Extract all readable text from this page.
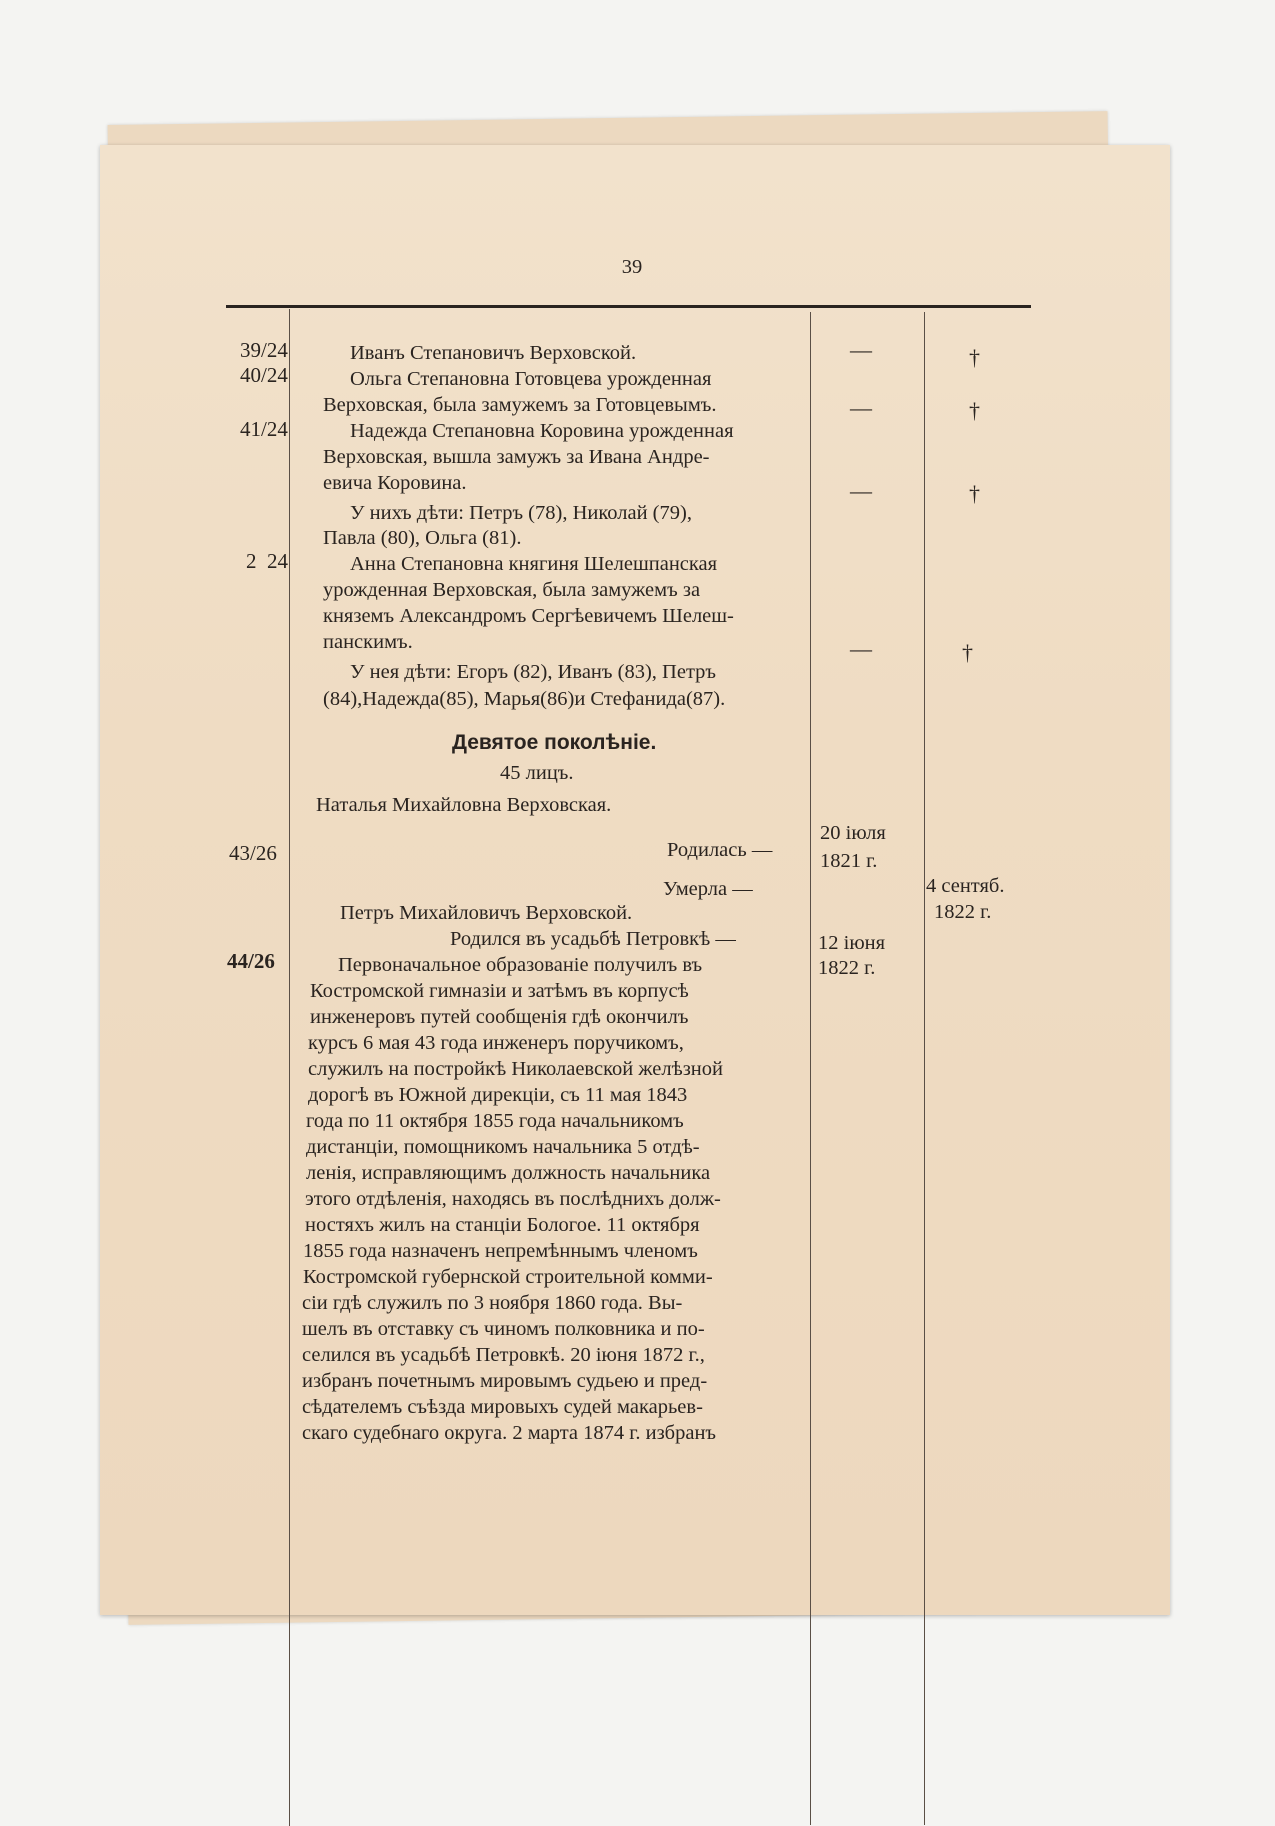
39
39/24
40/24
41/24
2  24
43/26
44/26
—
—
—
—
†
†
†
†
Иванъ Степановичъ Верховской.
Ольга Степановна Готовцева урожденная
Верховская, была замужемъ за Готовцевымъ.
Надежда Степановна Коровина урожденная
Верховская, вышла замужъ за Ивана Андре-
евича Коровина.
У нихъ дѣти: Петръ (78), Николай (79),
Павла (80), Ольга (81).
Анна Степановна княгиня Шелешпанская
урожденная Верховская, была замужемъ за
княземъ Александромъ Сергѣевичемъ Шелеш-
панскимъ.
У нея дѣти: Егоръ (82), Иванъ (83), Петръ
(84),Надежда(85), Марья(86)и Стефанида(87).
Девятое поколѣніе.
45 лицъ.
Наталья Михайловна Верховская.
Родилась —
Умерла —
Петръ Михайловичъ Верховской.
Родился въ усадьбѣ Петровкѣ —
Первоначальное образованіе получилъ въ
Костромской гимназіи и затѣмъ въ корпусѣ
инженеровъ путей сообщенія гдѣ окончилъ
курсъ 6 мая 43 года инженеръ поручикомъ,
служилъ на постройкѣ Николаевской желѣзной
дорогѣ въ Южной дирекціи, съ 11 мая 1843
года по 11 октября 1855 года начальникомъ
дистанціи, помощникомъ начальника 5 отдѣ-
ленія, исправляющимъ должность начальника
этого отдѣленія, находясь въ послѣднихъ долж-
ностяхъ жилъ на станціи Бологое. 11 октября
1855 года назначенъ непремѣннымъ членомъ
Костромской губернской строительной комми-
сіи гдѣ служилъ по 3 ноября 1860 года. Вы-
шелъ въ отставку съ чиномъ полковника и по-
селился въ усадьбѣ Петровкѣ. 20 іюня 1872 г.,
избранъ почетнымъ мировымъ судьею и пред-
сѣдателемъ съѣзда мировыхъ судей макарьев-
скаго судебнаго округа. 2 марта 1874 г. избранъ
20 іюля
1821 г.
4 сентяб.
1822 г.
12 іюня
1822 г.
